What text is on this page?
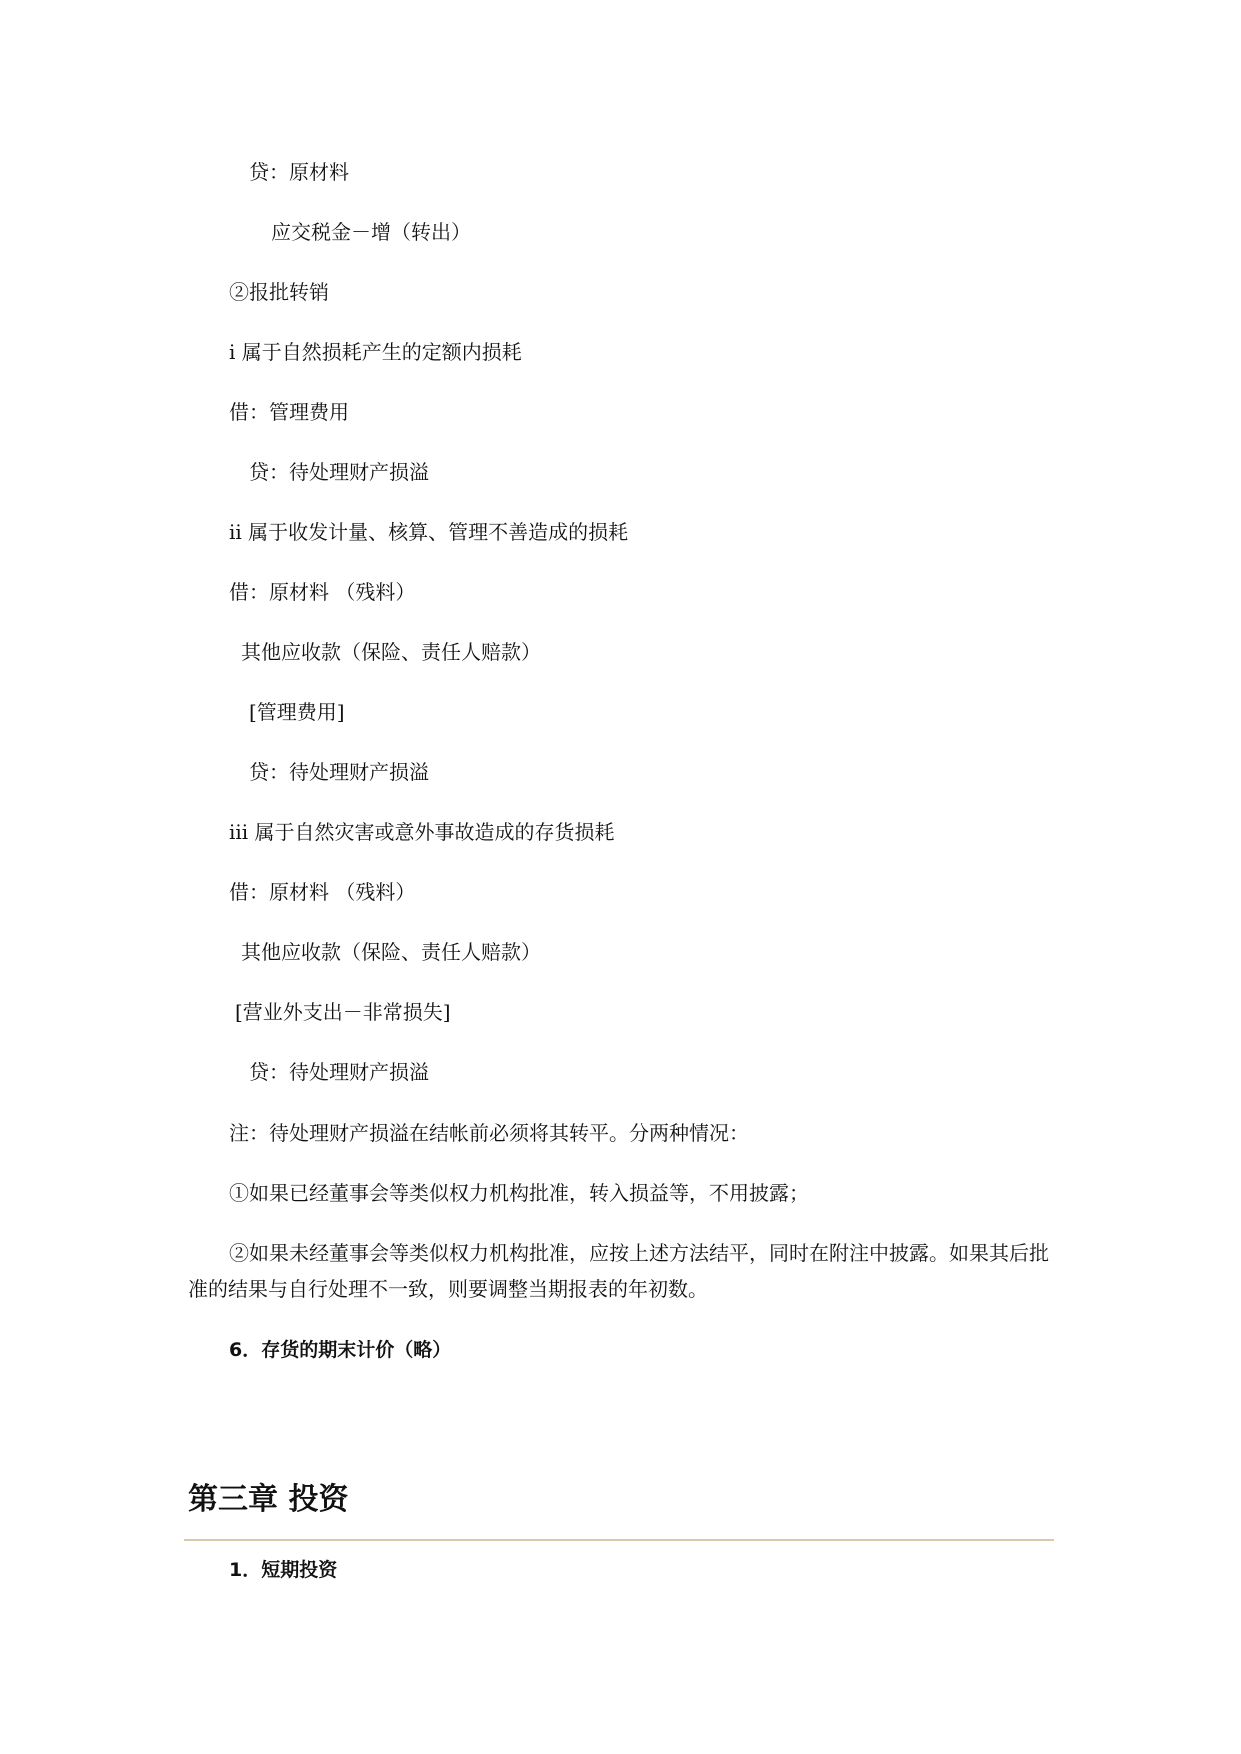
贷：原材料
应交税金－增（转出）
②报批转销
i 属于自然损耗产生的定额内损耗
借：管理费用
贷：待处理财产损溢
ii 属于收发计量、核算、管理不善造成的损耗
借：原材料 （残料）
其他应收款（保险、责任人赔款）
[管理费用]
贷：待处理财产损溢
iii 属于自然灾害或意外事故造成的存货损耗
借：原材料 （残料）
其他应收款（保险、责任人赔款）
[营业外支出－非常损失]
贷：待处理财产损溢
注：待处理财产损溢在结帐前必须将其转平。分两种情况：
①如果已经董事会等类似权力机构批准，转入损益等，不用披露；
②如果未经董事会等类似权力机构批准，应按上述方法结平，同时在附注中披露。如果其后批准的结果与自行处理不一致，则要调整当期报表的年初数。
6．存货的期末计价（略）
第三章 投资
1．短期投资
